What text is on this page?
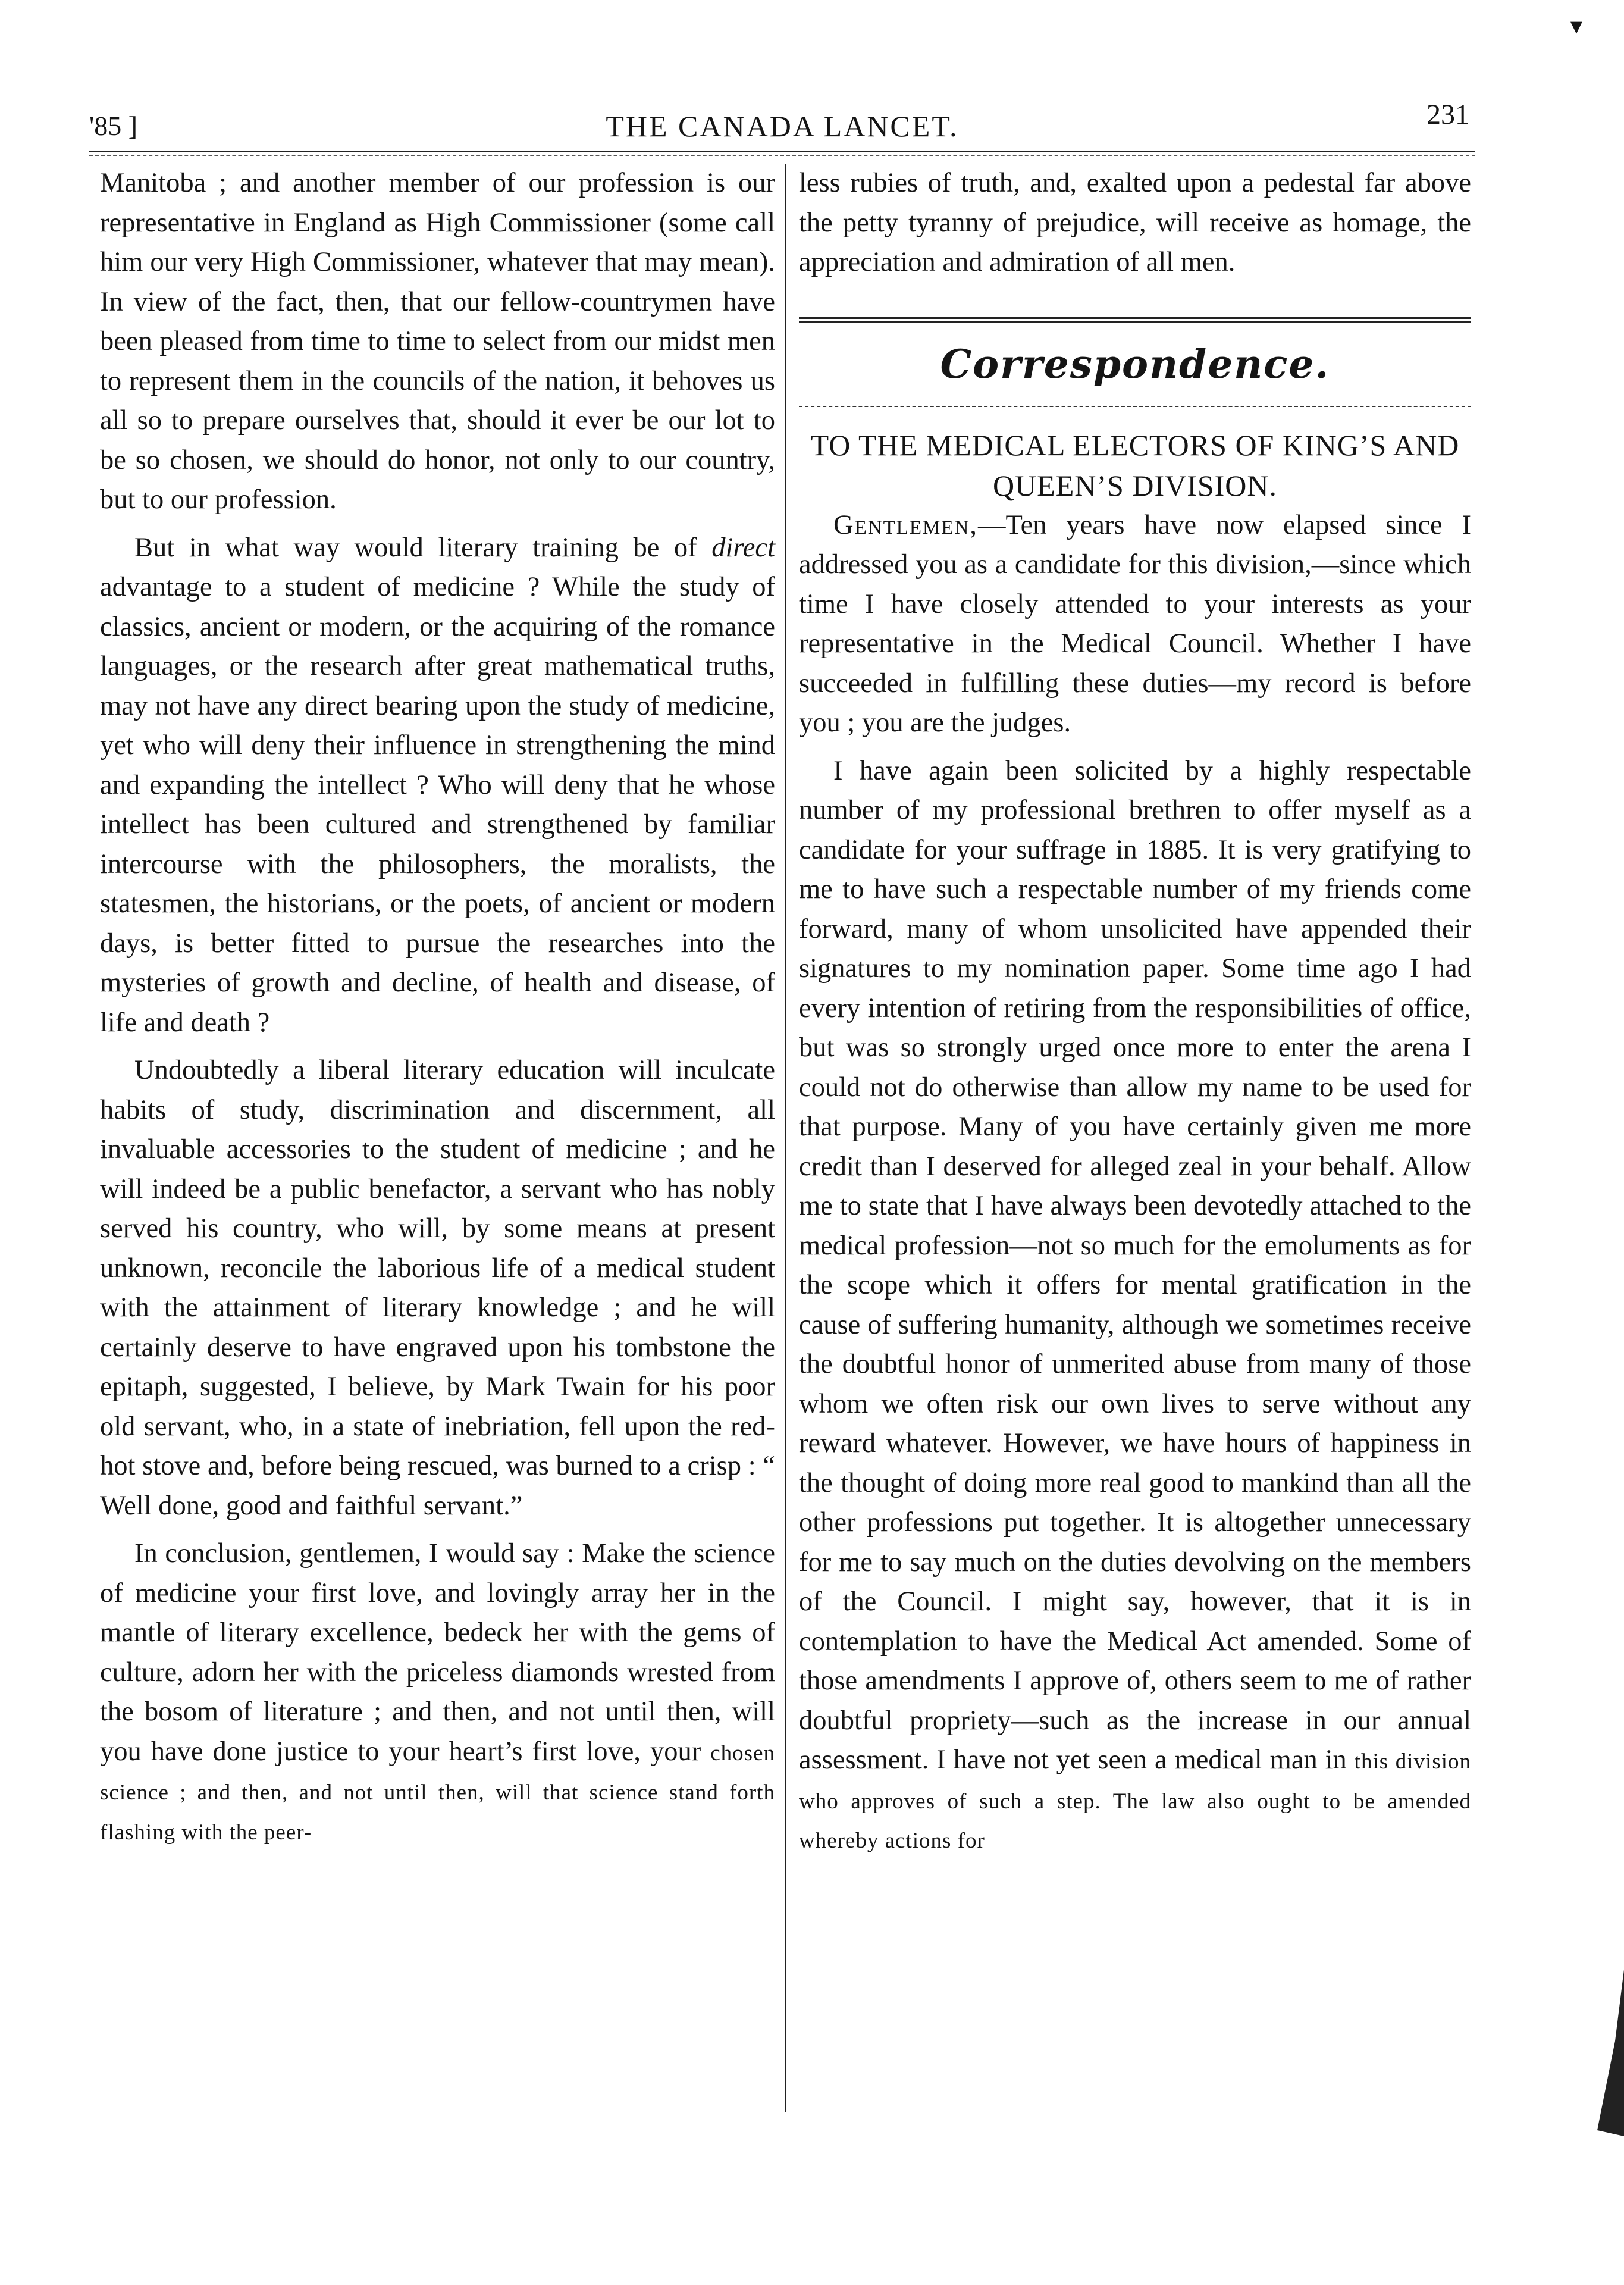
▾
'85 ]	THE CANADA LANCET.	231

Manitoba ; and another member of our profession is our representative in England as High Commissioner (some call him our very High Commissioner, whatever that may mean). In view of the fact, then, that our fellow-countrymen have been pleased from time to time to select from our midst men to represent them in the councils of the nation, it behoves us all so to prepare ourselves that, should it ever be our lot to be so chosen, we should do honor, not only to our country, but to our profession.

But in what way would literary training be of direct advantage to a student of medicine ? While the study of classics, ancient or modern, or the acquiring of the romance languages, or the research after great mathematical truths, may not have any direct bearing upon the study of medicine, yet who will deny their influence in strengthening the mind and expanding the intellect ? Who will deny that he whose intellect has been cultured and strengthened by familiar intercourse with the philosophers, the moralists, the statesmen, the historians, or the poets, of ancient or modern days, is better fitted to pursue the researches into the mysteries of growth and decline, of health and disease, of life and death ?

Undoubtedly a liberal literary education will inculcate habits of study, discrimination and discernment, all invaluable accessories to the student of medicine ; and he will indeed be a public benefactor, a servant who has nobly served his country, who will, by some means at present unknown, reconcile the laborious life of a medical student with the attainment of literary knowledge ; and he will certainly deserve to have engraved upon his tombstone the epitaph, suggested, I believe, by Mark Twain for his poor old servant, who, in a state of inebriation, fell upon the red-hot stove and, before being rescued, was burned to a crisp : “ Well done, good and faithful servant.”

In conclusion, gentlemen, I would say : Make the science of medicine your first love, and lovingly array her in the mantle of literary excellence, bedeck her with the gems of culture, adorn her with the priceless diamonds wrested from the bosom of literature ; and then, and not until then, will you have done justice to your heart’s first love, your chosen science ; and then, and not until then, will that science stand forth flashing with the peer-

less rubies of truth, and, exalted upon a pedestal far above the petty tyranny of prejudice, will receive as homage, the appreciation and admiration of all men.

Correspondence.
TO THE MEDICAL ELECTORS OF KING’S AND QUEEN’S DIVISION.

Gentlemen,—Ten years have now elapsed since I addressed you as a candidate for this division,—since which time I have closely attended to your interests as your representative in the Medical Council. Whether I have succeeded in fulfilling these duties—my record is before you ; you are the judges.

I have again been solicited by a highly respectable number of my professional brethren to offer myself as a candidate for your suffrage in 1885. It is very gratifying to me to have such a respectable number of my friends come forward, many of whom unsolicited have appended their signatures to my nomination paper. Some time ago I had every intention of retiring from the responsibilities of office, but was so strongly urged once more to enter the arena I could not do otherwise than allow my name to be used for that purpose. Many of you have certainly given me more credit than I deserved for alleged zeal in your behalf. Allow me to state that I have always been devotedly attached to the medical profession—not so much for the emoluments as for the scope which it offers for mental gratification in the cause of suffering humanity, although we sometimes receive the doubtful honor of unmerited abuse from many of those whom we often risk our own lives to serve without any reward whatever. However, we have hours of happiness in the thought of doing more real good to mankind than all the other professions put together. It is altogether unnecessary for me to say much on the duties devolving on the members of the Council. I might say, however, that it is in contemplation to have the Medical Act amended. Some of those amendments I approve of, others seem to me of rather doubtful propriety—such as the increase in our annual assessment. I have not yet seen a medical man in this division who approves of such a step. The law also ought to be amended whereby actions for
